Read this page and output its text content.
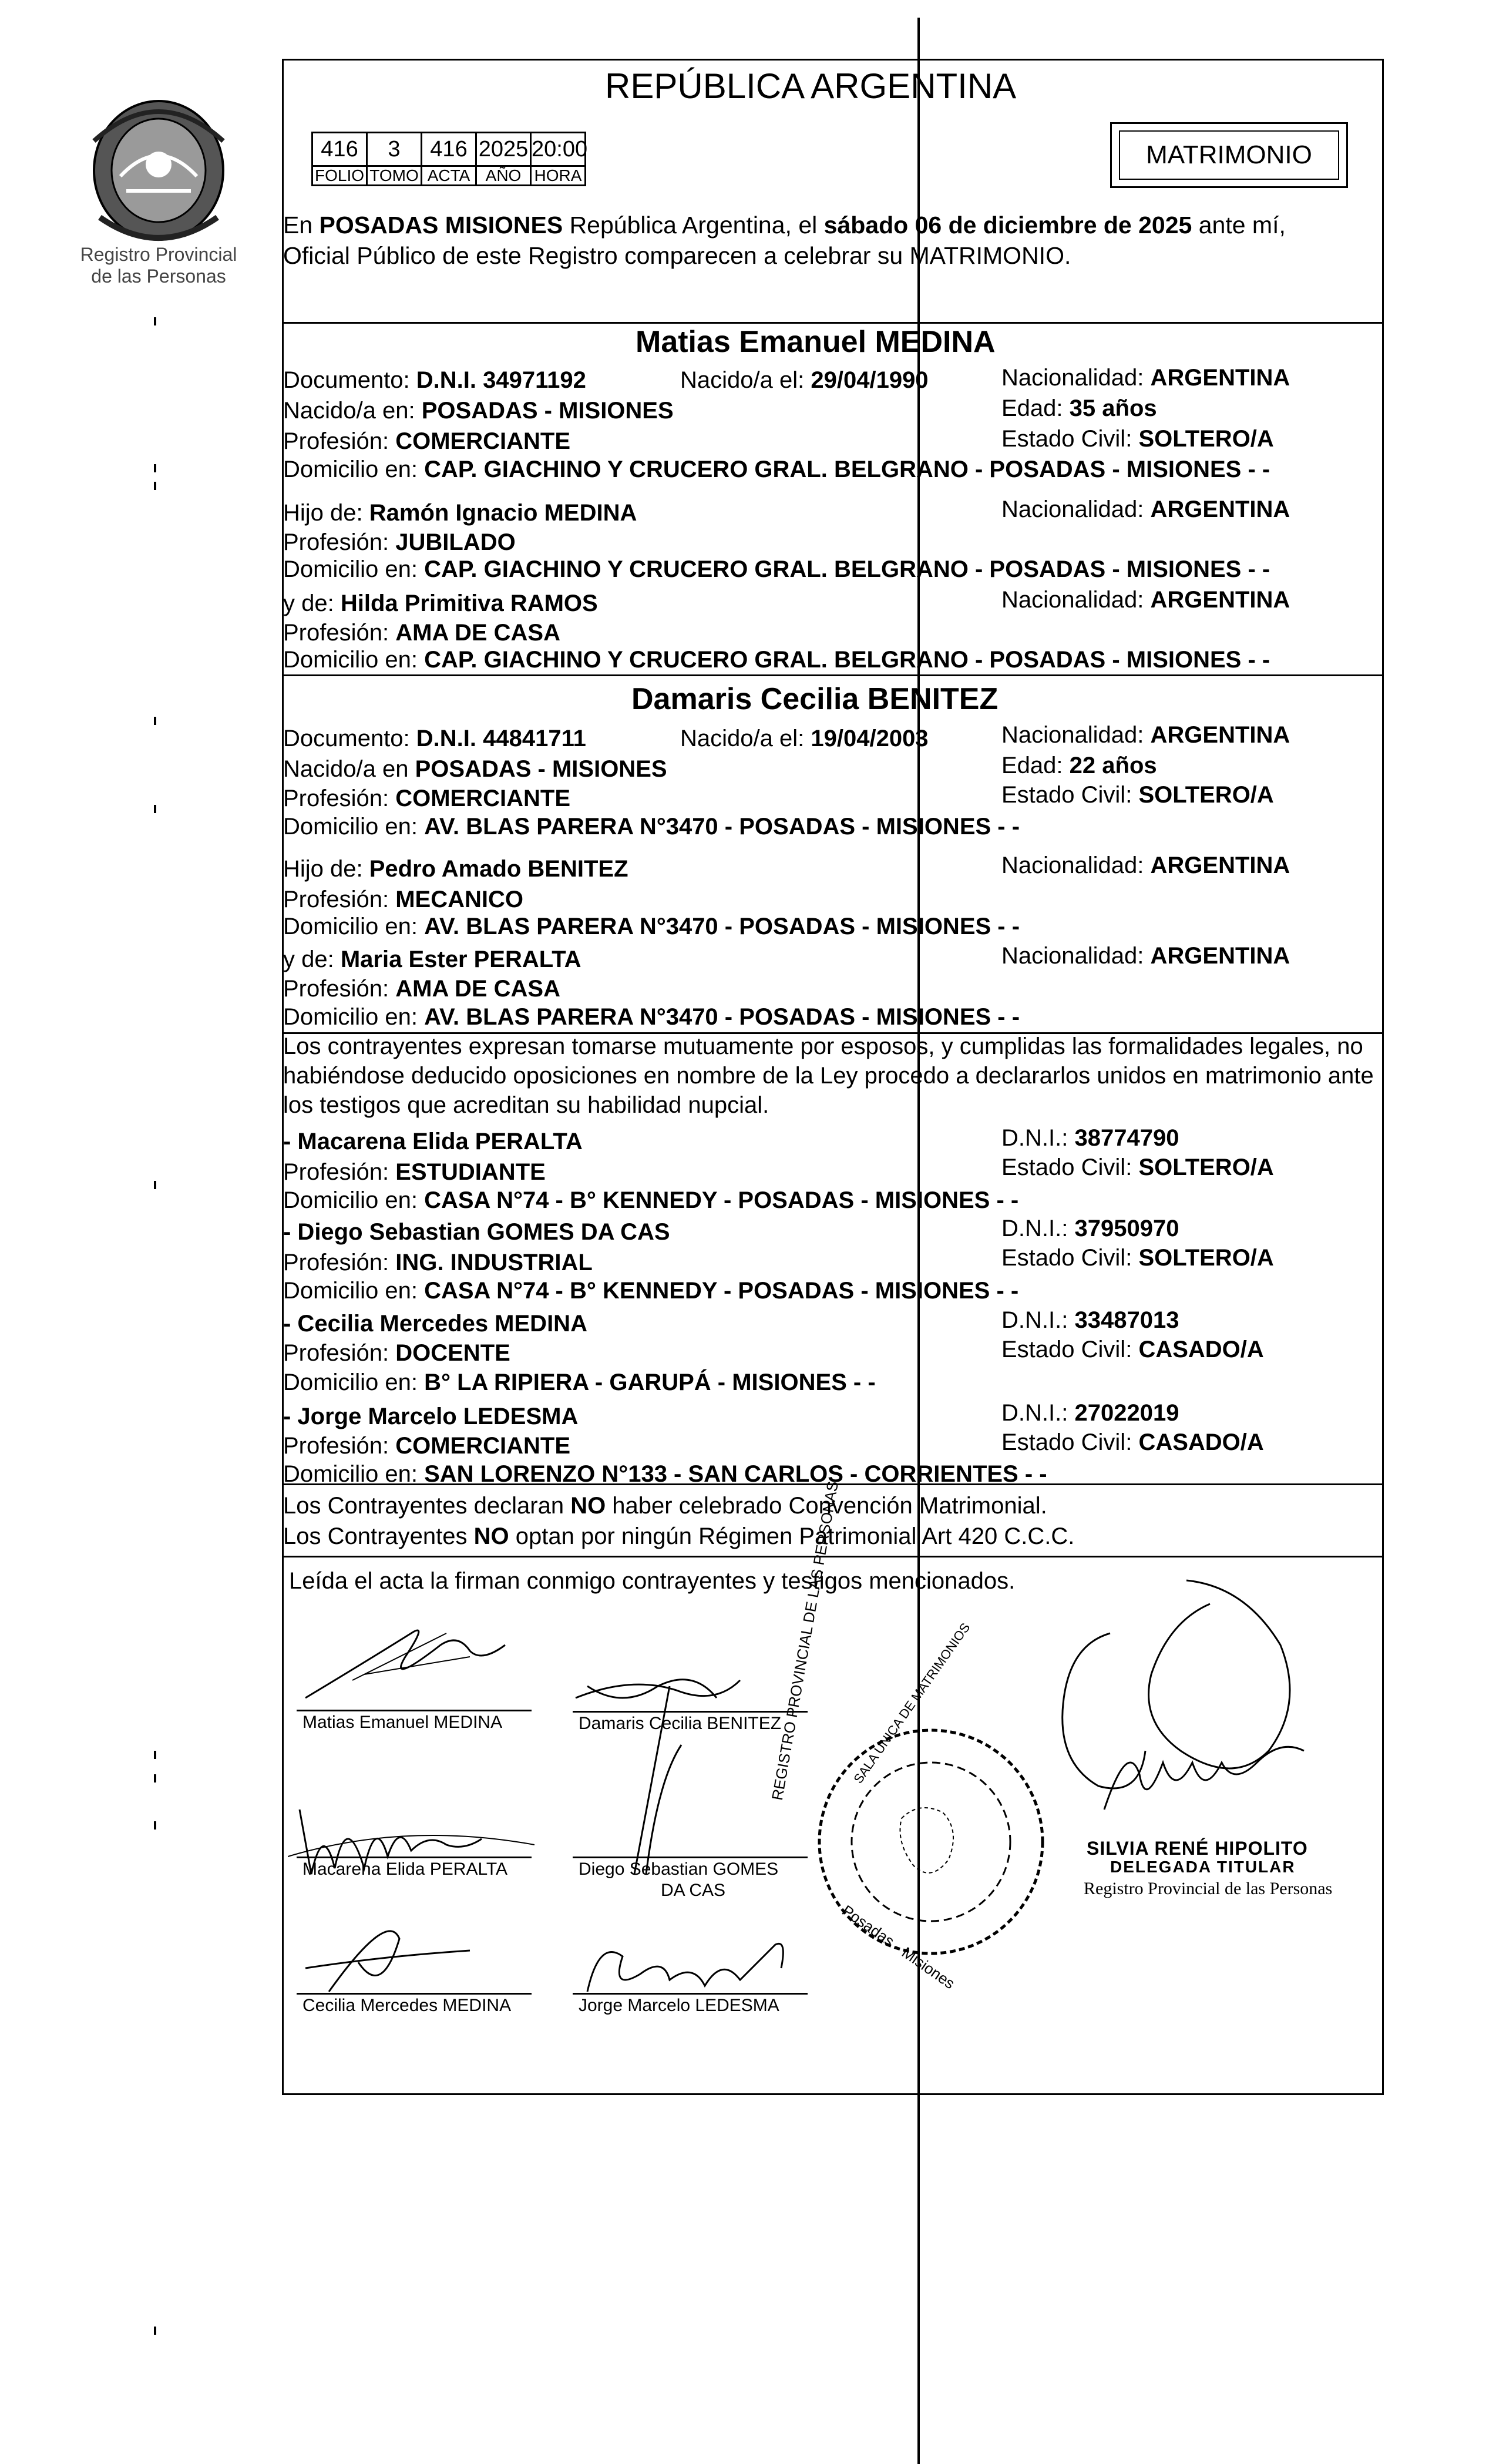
Registro Provincial
de las Personas
REPÚBLICA ARGENTINA
416	3	416 2025 20:00
FOLIO TOMO ACTA AÑO HORA
MATRIMONIO
En POSADAS MISIONES República Argentina, el sábado 06 de diciembre de 2025 ante mí,
Oficial Público de este Registro comparecen a celebrar su MATRIMONIO.
Matias Emanuel MEDINA
Documento: D.N.I. 34971192	Nacido/a el: 29/04/1990	Nacionalidad: ARGENTINA
Nacido/a en: POSADAS - MISIONES	Edad: 35 años
Profesión: COMERCIANTE	Estado Civil: SOLTERO/A
Domicilio en: CAP. GIACHINO Y CRUCERO GRAL. BELGRANO - POSADAS - MISIONES - -
Hijo de: Ramón Ignacio MEDINA	Nacionalidad: ARGENTINA
Profesión: JUBILADO
Domicilio en: CAP. GIACHINO Y CRUCERO GRAL. BELGRANO - POSADAS - MISIONES - -
y de: Hilda Primitiva RAMOS	Nacionalidad: ARGENTINA
Profesión: AMA DE CASA
Domicilio en: CAP. GIACHINO Y CRUCERO GRAL. BELGRANO - POSADAS - MISIONES - -
Damaris Cecilia BENITEZ
Documento: D.N.I. 44841711	Nacido/a el: 19/04/2003	Nacionalidad: ARGENTINA
Nacido/a en POSADAS - MISIONES	Edad: 22 años
Profesión: COMERCIANTE	Estado Civil: SOLTERO/A
Domicilio en: AV. BLAS PARERA N°3470 - POSADAS - MISIONES - -
Hijo de: Pedro Amado BENITEZ	Nacionalidad: ARGENTINA
Profesión: MECANICO
Domicilio en: AV. BLAS PARERA N°3470 - POSADAS - MISIONES - -
y de: Maria Ester PERALTA	Nacionalidad: ARGENTINA
Profesión: AMA DE CASA
Domicilio en: AV. BLAS PARERA N°3470 - POSADAS - MISIONES - -
Los contrayentes expresan tomarse mutuamente por esposos, y cumplidas las formalidades legales, no
habiéndose deducido oposiciones en nombre de la Ley procedo a declararlos unidos en matrimonio ante
los testigos que acreditan su habilidad nupcial.
- Macarena Elida PERALTA	D.N.I.: 38774790
Profesión: ESTUDIANTE	Estado Civil: SOLTERO/A
Domicilio en: CASA N°74 - B° KENNEDY - POSADAS - MISIONES - -
- Diego Sebastian GOMES DA CAS	D.N.I.: 37950970
Profesión: ING. INDUSTRIAL	Estado Civil: SOLTERO/A
Domicilio en: CASA N°74 - B° KENNEDY - POSADAS - MISIONES - -
- Cecilia Mercedes MEDINA	D.N.I.: 33487013
Profesión: DOCENTE	Estado Civil: CASADO/A
Domicilio en: B° LA RIPIERA - GARUPÁ - MISIONES - -
- Jorge Marcelo LEDESMA	D.N.I.: 27022019
Profesión: COMERCIANTE	Estado Civil: CASADO/A
Domicilio en: SAN LORENZO N°133 - SAN CARLOS - CORRIENTES - -
Los Contrayentes declaran NO haber celebrado Convención Matrimonial.
Los Contrayentes NO optan por ningún Régimen Patrimonial Art 420 C.C.C.
Leída el acta la firman conmigo contrayentes y testigos mencionados.
Matias Emanuel MEDINA	Damaris Cecilia BENITEZ
Macarena Elida PERALTA	Diego Sebastian GOMES
DA CAS
Cecilia Mercedes MEDINA	Jorge Marcelo LEDESMA
REGISTRO PROVINCIAL DE LAS PERSONAS SALA UNICA DE MATRIMONIOS
Posadas - Misiones
SILVIA RENÉ HIPOLITO
DELEGADA TITULAR
Registro Provincial de las Personas
